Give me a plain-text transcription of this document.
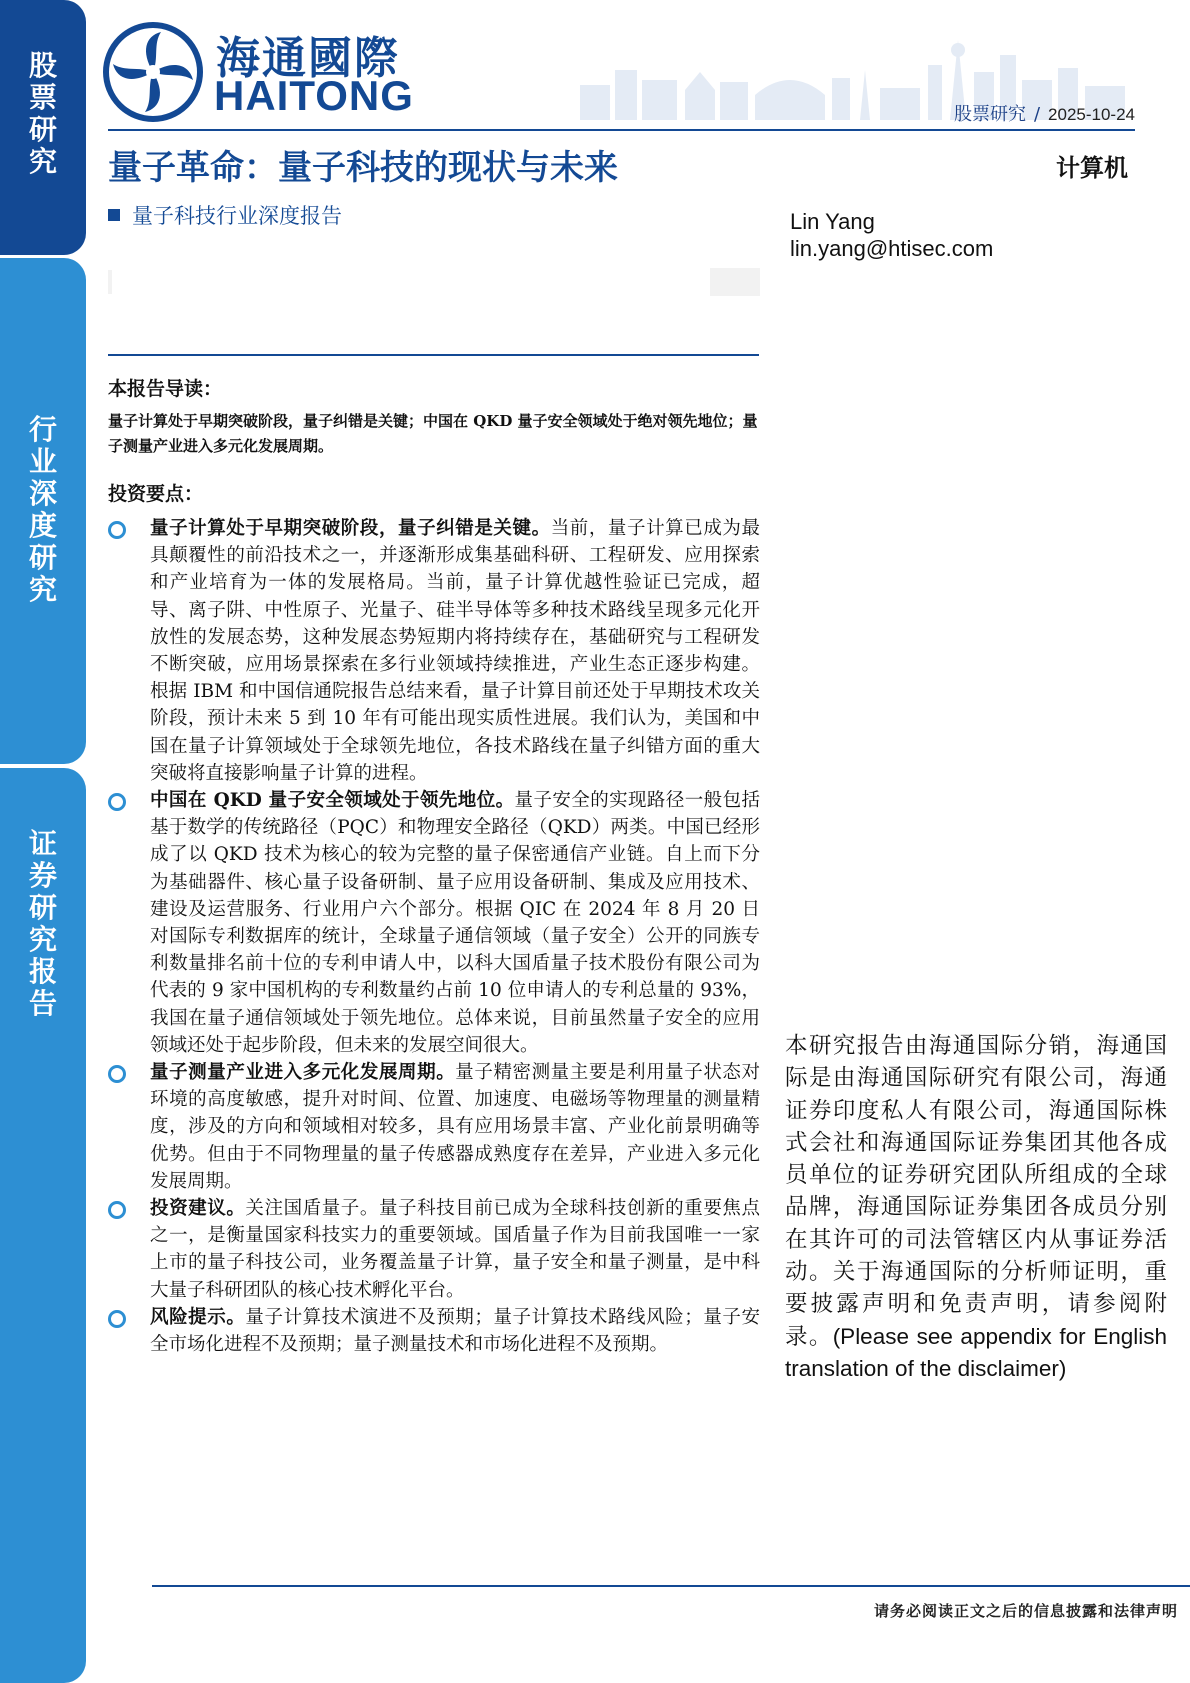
股
票
研
究
行
业
深
度
研
究
证
券
研
究
报
告
海通國際
HAITONG	股票研究 / 2025-10-24
量子革命：量子科技的现状与未来	计算机
量子科技行业深度报告	Lin Yang
lin.yang@htisec.com
本报告导读：
量子计算处于早期突破阶段，量子纠错是关键；中国在 QKD 量子安全领域处于绝对领先地位；量子测量产业进入多元化发展周期。
投资要点：
量子计算处于早期突破阶段，量子纠错是关键。当前，量子计算已成为最具颠覆性的前沿技术之一，并逐渐形成集基础科研、工程研发、应用探索和产业培育为一体的发展格局。当前，量子计算优越性验证已完成，超导、离子阱、中性原子、光量子、硅半导体等多种技术路线呈现多元化开放性的发展态势，这种发展态势短期内将持续存在，基础研究与工程研发不断突破，应用场景探索在多行业领域持续推进，产业生态正逐步构建。根据 IBM 和中国信通院报告总结来看，量子计算目前还处于早期技术攻关阶段，预计未来 5 到 10 年有可能出现实质性进展。我们认为，美国和中国在量子计算领域处于全球领先地位，各技术路线在量子纠错方面的重大突破将直接影响量子计算的进程。
中国在 QKD 量子安全领域处于领先地位。量子安全的实现路径一般包括基于数学的传统路径（PQC）和物理安全路径（QKD）两类。中国已经形成了以 QKD 技术为核心的较为完整的量子保密通信产业链。自上而下分为基础器件、核心量子设备研制、量子应用设备研制、集成及应用技术、建设及运营服务、行业用户六个部分。根据 QIC 在 2024 年 8 月 20 日对国际专利数据库的统计，全球量子通信领域（量子安全）公开的同族专利数量排名前十位的专利申请人中，以科大国盾量子技术股份有限公司为代表的 9 家中国机构的专利数量约占前 10 位申请人的专利总量的 93%，我国在量子通信领域处于领先地位。总体来说，目前虽然量子安全的应用领域还处于起步阶段，但未来的发展空间很大。
量子测量产业进入多元化发展周期。量子精密测量主要是利用量子状态对环境的高度敏感，提升对时间、位置、加速度、电磁场等物理量的测量精度，涉及的方向和领域相对较多，具有应用场景丰富、产业化前景明确等优势。但由于不同物理量的量子传感器成熟度存在差异，产业进入多元化发展周期。
投资建议。关注国盾量子。量子科技目前已成为全球科技创新的重要焦点之一，是衡量国家科技实力的重要领域。国盾量子作为目前我国唯一一家上市的量子科技公司，业务覆盖量子计算，量子安全和量子测量，是中科大量子科研团队的核心技术孵化平台。
风险提示。量子计算技术演进不及预期；量子计算技术路线风险；量子安全市场化进程不及预期；量子测量技术和市场化进程不及预期。
本研究报告由海通国际分销，海通国际是由海通国际研究有限公司，海通证券印度私人有限公司，海通国际株式会社和海通国际证券集团其他各成员单位的证券研究团队所组成的全球品牌，海通国际证券集团各成员分别在其许可的司法管辖区内从事证券活动。关于海通国际的分析师证明，重要披露声明和免责声明，请参阅附录。(Please see appendix for English translation of the disclaimer)
请务必阅读正文之后的信息披露和法律声明
